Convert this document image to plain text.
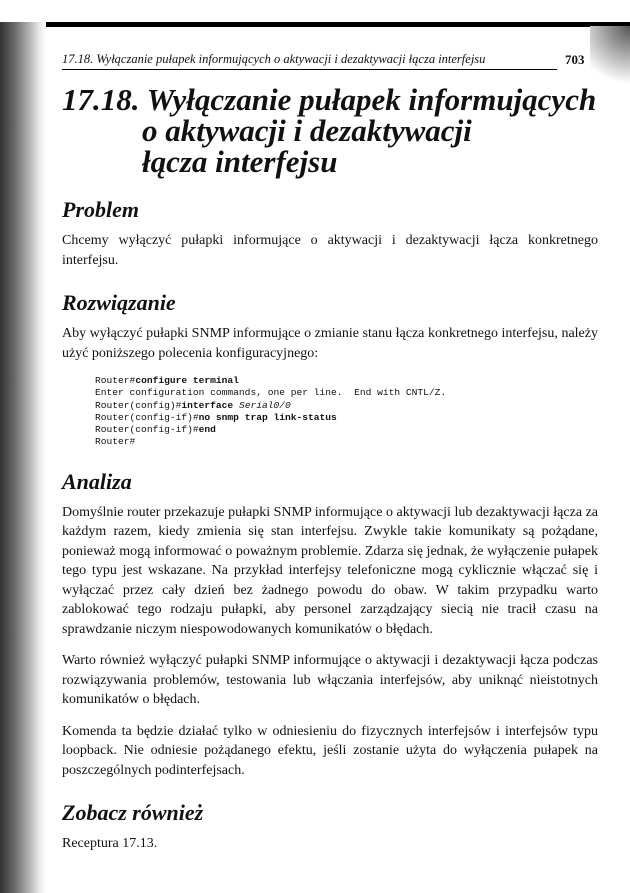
17.18. Wyłączanie pułapek informujących o aktywacji i dezaktywacji łącza interfejsu	703
17.18. Wyłączanie pułapek informujących
o aktywacji i dezaktywacji
łącza interfejsu
Problem

Chcemy wyłączyć pułapki informujące o aktywacji i dezaktywacji łącza konkretnego interfejsu.

Rozwiązanie

Aby wyłączyć pułapki SNMP informujące o zmianie stanu łącza konkretnego interfejsu, należy użyć poniższego polecenia konfiguracyjnego:

Router#configure terminal
Enter configuration commands, one per line.  End with CNTL/Z.
Router(config)#interface Serial0/0
Router(config-if)#no snmp trap link-status
Router(config-if)#end
Router#
Analiza

Domyślnie router przekazuje pułapki SNMP informujące o aktywacji lub dezaktywacji łącza za każdym razem, kiedy zmienia się stan interfejsu. Zwykle takie komunikaty są pożądane, ponieważ mogą informować o poważnym problemie. Zdarza się jednak, że wyłączenie pułapek tego typu jest wskazane. Na przykład interfejsy telefoniczne mogą cyklicznie włączać się i wyłączać przez cały dzień bez żadnego powodu do obaw. W takim przypadku warto zablokować tego rodzaju pułapki, aby personel zarządzający siecią nie tracił czasu na sprawdzanie niczym niespowodowanych komunikatów o błędach.

Warto również wyłączyć pułapki SNMP informujące o aktywacji i dezaktywacji łącza podczas rozwiązywania problemów, testowania lub włączania interfejsów, aby uniknąć nieistotnych komunikatów o błędach.

Komenda ta będzie działać tylko w odniesieniu do fizycznych interfejsów i interfejsów typu loopback. Nie odniesie pożądanego efektu, jeśli zostanie użyta do wyłączenia pułapek na poszczególnych podinterfejsach.

Zobacz również

Receptura 17.13.
